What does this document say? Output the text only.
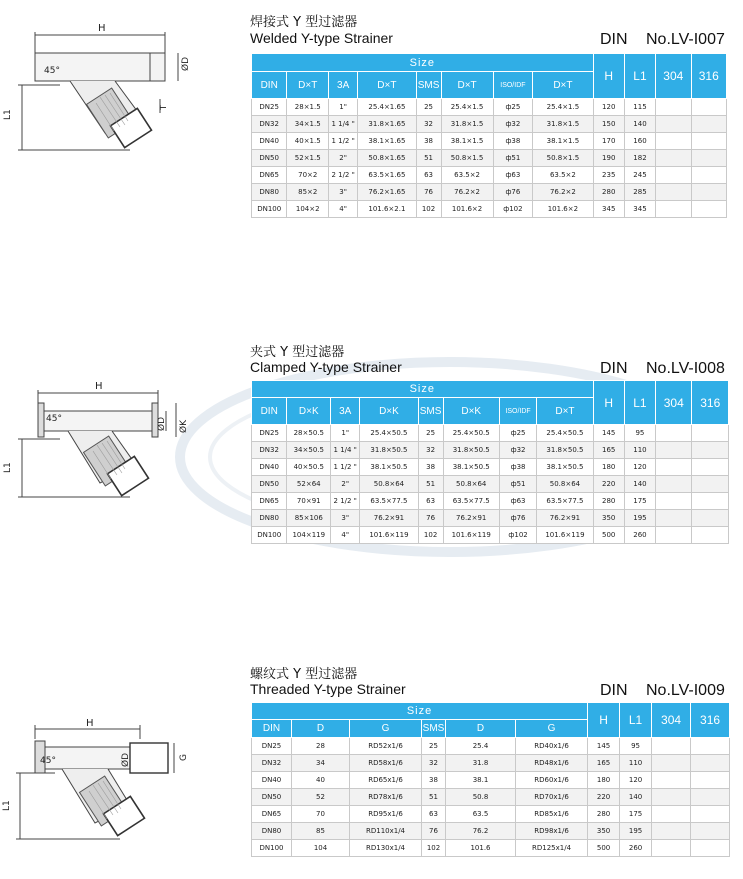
H
45°	ØD
T
L1
焊接式 Y 型过滤器
Welded Y-type Strainer	DIN No.LV-I007
Size								H	L1	304	316
DIN	D×T	3A	D×T	SMS	D×T	ISO/IDF	D×T				
DN25	28×1.5	1"	25.4×1.65	25	25.4×1.5	ф25	25.4×1.5	120	115		
DN32	34×1.5	1 1/4 "	31.8×1.65	32	31.8×1.5	ф32	31.8×1.5	150	140		
DN40	40×1.5	1 1/2 "	38.1×1.65	38	38.1×1.5	ф38	38.1×1.5	170	160		
DN50	52×1.5	2"	50.8×1.65	51	50.8×1.5	ф51	50.8×1.5	190	182		
DN65	70×2	2 1/2 "	63.5×1.65	63	63.5×2	ф63	63.5×2	235	245		
DN80	85×2	3"	76.2×1.65	76	76.2×2	ф76	76.2×2	280	285		
DN100	104×2	4"	101.6×2.1	102	101.6×2	ф102	101.6×2	345	345		
H
45°	ØD ØK
L1
夹式 Y 型过滤器
Clamped Y-type Strainer	DIN No.LV-I008
Size								H	L1	304	316
DIN	D×K	3A	D×K	SMS	D×K	ISO/IDF	D×T				
DN25	28×50.5	1"	25.4×50.5	25	25.4×50.5	ф25	25.4×50.5	145	95		
DN32	34×50.5	1 1/4 "	31.8×50.5	32	31.8×50.5	ф32	31.8×50.5	165	110		
DN40	40×50.5	1 1/2 "	38.1×50.5	38	38.1×50.5	ф38	38.1×50.5	180	120		
DN50	52×64	2"	50.8×64	51	50.8×64	ф51	50.8×64	220	140		
DN65	70×91	2 1/2 "	63.5×77.5	63	63.5×77.5	ф63	63.5×77.5	280	175		
DN80	85×106	3"	76.2×91	76	76.2×91	ф76	76.2×91	350	195		
DN100	104×119	4"	101.6×119	102	101.6×119	ф102	101.6×119	500	260		
H
45°	ØD	G
L1
螺纹式 Y 型过滤器
Threaded Y-type Strainer	DIN No.LV-I009
Size						H	L1	304	316
DIN	D	G	SMS	D	G				
DN25	28	RD52x1/6	25	25.4	RD40x1/6	145	95		
DN32	34	RD58x1/6	32	31.8	RD48x1/6	165	110		
DN40	40	RD65x1/6	38	38.1	RD60x1/6	180	120		
DN50	52	RD78x1/6	51	50.8	RD70x1/6	220	140		
DN65	70	RD95x1/6	63	63.5	RD85x1/6	280	175		
DN80	85	RD110x1/4	76	76.2	RD98x1/6	350	195		
DN100	104	RD130x1/4	102	101.6	RD125x1/4	500	260		
